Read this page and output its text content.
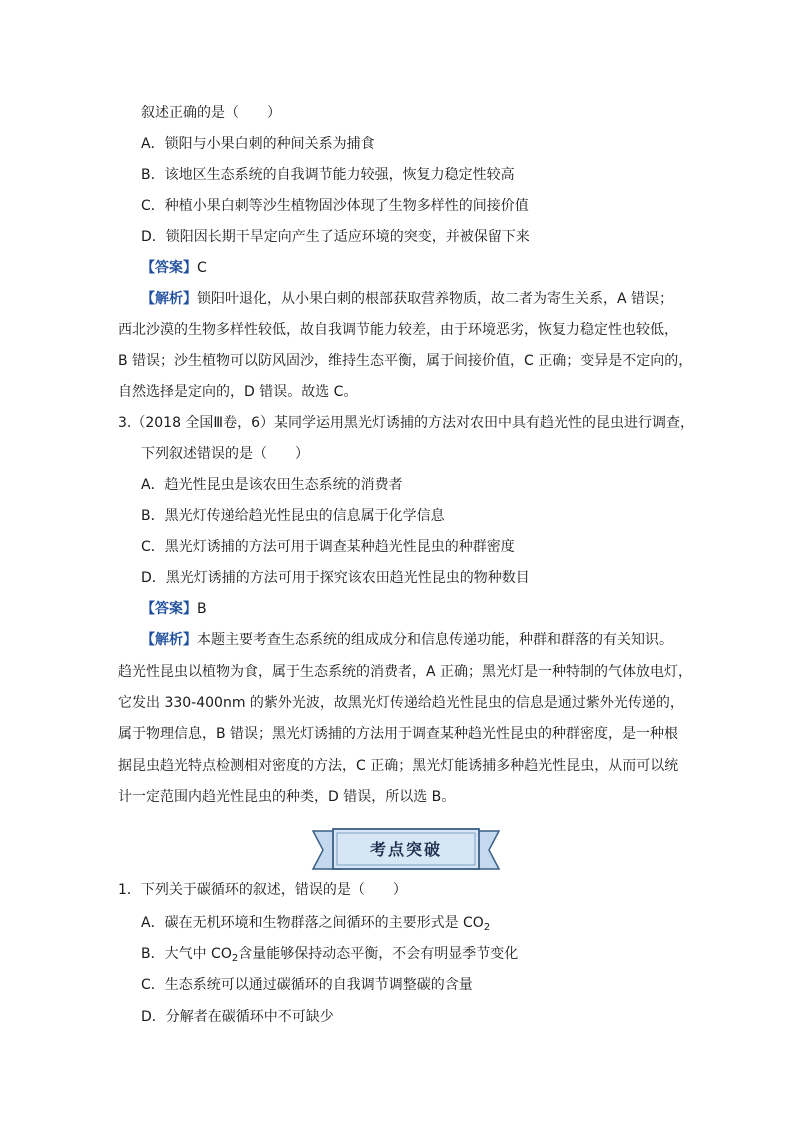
叙述正确的是（　　）
A．锁阳与小果白刺的种间关系为捕食
B．该地区生态系统的自我调节能力较强，恢复力稳定性较高
C．种植小果白刺等沙生植物固沙体现了生物多样性的间接价值
D．锁阳因长期干旱定向产生了适应环境的突变，并被保留下来
【答案】C
【解析】锁阳叶退化，从小果白刺的根部获取营养物质，故二者为寄生关系，A 错误；
西北沙漠的生物多样性较低，故自我调节能力较差，由于环境恶劣，恢复力稳定性也较低，
B 错误；沙生植物可以防风固沙，维持生态平衡，属于间接价值，C 正确；变异是不定向的，
自然选择是定向的，D 错误。故选 C。
3.（2018 全国Ⅲ卷，6）某同学运用黑光灯诱捕的方法对农田中具有趋光性的昆虫进行调查，
下列叙述错误的是（　　）
A．趋光性昆虫是该农田生态系统的消费者
B．黑光灯传递给趋光性昆虫的信息属于化学信息
C．黑光灯诱捕的方法可用于调查某种趋光性昆虫的种群密度
D．黑光灯诱捕的方法可用于探究该农田趋光性昆虫的物种数目
【答案】B
【解析】本题主要考查生态系统的组成成分和信息传递功能，种群和群落的有关知识。
趋光性昆虫以植物为食，属于生态系统的消费者，A 正确；黑光灯是一种特制的气体放电灯，
它发出 330-400nm 的紫外光波，故黑光灯传递给趋光性昆虫的信息是通过紫外光传递的，
属于物理信息，B 错误；黑光灯诱捕的方法用于调查某种趋光性昆虫的种群密度，是一种根
据昆虫趋光特点检测相对密度的方法，C 正确；黑光灯能诱捕多种趋光性昆虫，从而可以统
计一定范围内趋光性昆虫的种类，D 错误，所以选 B。
考点突破
1．下列关于碳循环的叙述，错误的是（　　）
A．碳在无机环境和生物群落之间循环的主要形式是 $CO_2$
B．大气中 $CO_2$含量能够保持动态平衡，不会有明显季节变化
C．生态系统可以通过碳循环的自我调节调整碳的含量
D．分解者在碳循环中不可缺少
